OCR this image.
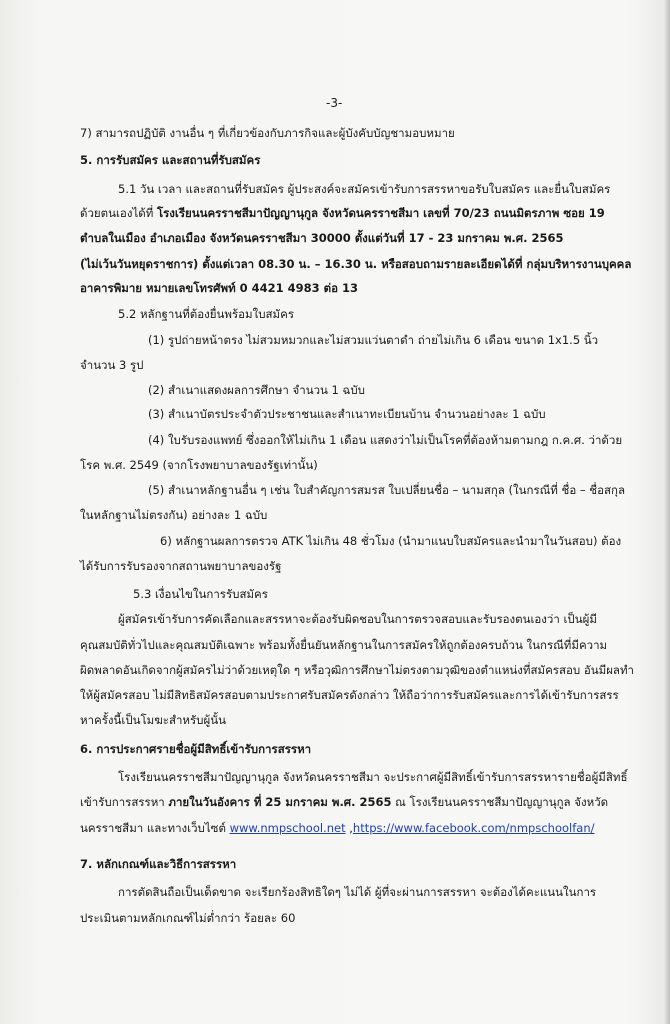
-3-
7) สามารถปฏิบัติ งานอื่น ๆ ที่เกี่ยวข้องกับภารกิจและผู้บังคับบัญชามอบหมาย
5. การรับสมัคร และสถานที่รับสมัคร
5.1 วัน เวลา และสถานที่รับสมัคร ผู้ประสงค์จะสมัครเข้ารับการสรรหาขอรับใบสมัคร และยื่นใบสมัคร
ด้วยตนเองได้ที่ โรงเรียนนครราชสีมาปัญญานุกูล จังหวัดนครราชสีมา เลขที่ 70/23 ถนนมิตรภาพ ซอย 19
ตำบลในเมือง อำเภอเมือง จังหวัดนครราชสีมา 30000 ตั้งแต่วันที่ 17 - 23 มกราคม พ.ศ. 2565
(ไม่เว้นวันหยุดราชการ) ตั้งแต่เวลา 08.30 น. – 16.30 น. หรือสอบถามรายละเอียดได้ที่ กลุ่มบริหารงานบุคคล
อาคารพิมาย หมายเลขโทรศัพท์ 0 4421 4983 ต่อ 13
5.2 หลักฐานที่ต้องยื่นพร้อมใบสมัคร
(1) รูปถ่ายหน้าตรง ไม่สวมหมวกและไม่สวมแว่นตาดำ ถ่ายไม่เกิน 6 เดือน ขนาด 1x1.5 นิ้ว
จำนวน 3 รูป
(2) สำเนาแสดงผลการศึกษา จำนวน 1 ฉบับ
(3) สำเนาบัตรประจำตัวประชาชนและสำเนาทะเบียนบ้าน จำนวนอย่างละ 1 ฉบับ
(4) ใบรับรองแพทย์ ซึ่งออกให้ไม่เกิน 1 เดือน แสดงว่าไม่เป็นโรคที่ต้องห้ามตามกฎ ก.ค.ศ. ว่าด้วย
โรค พ.ศ. 2549 (จากโรงพยาบาลของรัฐเท่านั้น)
(5) สำเนาหลักฐานอื่น ๆ เช่น ใบสำคัญการสมรส ใบเปลี่ยนชื่อ – นามสกุล (ในกรณีที่ ชื่อ – ชื่อสกุล
ในหลักฐานไม่ตรงกัน) อย่างละ 1 ฉบับ
6) หลักฐานผลการตรวจ ATK ไม่เกิน 48 ชั่วโมง (นำมาแนบใบสมัครและนำมาในวันสอบ) ต้อง
ได้รับการรับรองจากสถานพยาบาลของรัฐ
5.3 เงื่อนไขในการรับสมัคร
ผู้สมัครเข้ารับการคัดเลือกและสรรหาจะต้องรับผิดชอบในการตรวจสอบและรับรองตนเองว่า เป็นผู้มี
คุณสมบัติทั่วไปและคุณสมบัติเฉพาะ พร้อมทั้งยื่นยันหลักฐานในการสมัครให้ถูกต้องครบถ้วน ในกรณีที่มีความ
ผิดพลาดอันเกิดจากผู้สมัครไม่ว่าด้วยเหตุใด ๆ หรือวุฒิการศึกษาไม่ตรงตามวุฒิของตำแหน่งที่สมัครสอบ อันมีผลทำ
ให้ผู้สมัครสอบ ไม่มีสิทธิสมัครสอบตามประกาศรับสมัครดังกล่าว ให้ถือว่าการรับสมัครและการได้เข้ารับการสรร
หาครั้งนี้เป็นโมฆะสำหรับผู้นั้น
6. การประกาศรายชื่อผู้มีสิทธิ์เข้ารับการสรรหา
โรงเรียนนครราชสีมาปัญญานุกูล จังหวัดนครราชสีมา จะประกาศผู้มีสิทธิ์เข้ารับการสรรหารายชื่อผู้มีสิทธิ์
เข้ารับการสรรหา ภายในวันอังคาร ที่ 25 มกราคม พ.ศ. 2565 ณ โรงเรียนนครราชสีมาปัญญานุกูล จังหวัด
นครราชสีมา และทางเว็บไซต์ www.nmpschool.net ,https://www.facebook.com/nmpschoolfan/
7. หลักเกณฑ์และวิธีการสรรหา
การตัดสินถือเป็นเด็ดขาด จะเรียกร้องสิทธิใดๆ ไม่ได้ ผู้ที่จะผ่านการสรรหา จะต้องได้คะแนนในการ
ประเมินตามหลักเกณฑ์ไม่ต่ำกว่า ร้อยละ 60
